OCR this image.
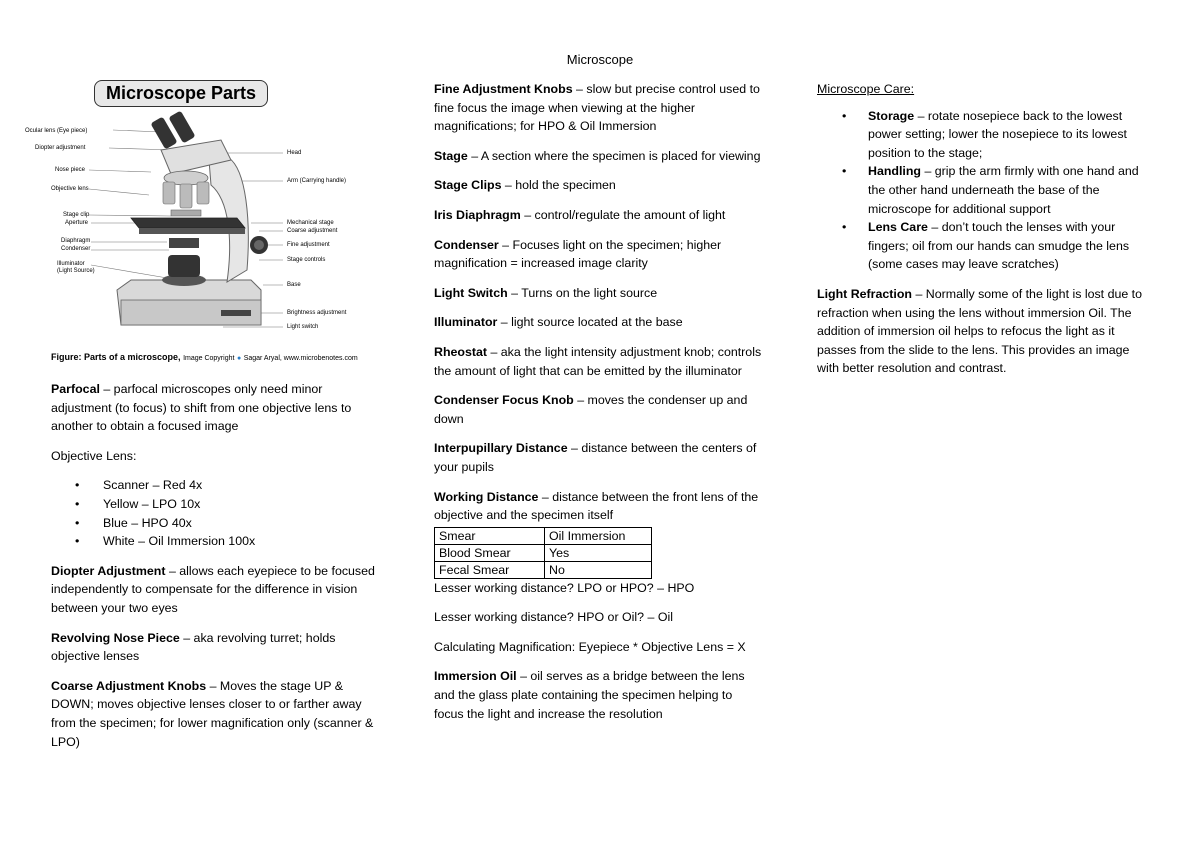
Microscope
Microscope Parts
Ocular lens (Eye piece)
Diopter adjustment
Nose piece
Objective lens
Stage clip
Aperture
Diaphragm
Condenser
Illuminator
(Light Source)
Head
Arm (Carrying handle)
Mechanical stage
Coarse adjustment
Fine adjustment
Stage controls
Base
Brightness adjustment
Light switch
Figure: Parts of a microscope, Image Copyright ● Sagar Aryal, www.microbenotes.com

Parfocal – parfocal microscopes only need minor adjustment (to focus) to shift from one objective lens to another to obtain a focused image

Objective Lens:

• Scanner – Red 4x
• Yellow – LPO 10x
• Blue – HPO 40x
• White – Oil Immersion 100x

Diopter Adjustment – allows each eyepiece to be focused independently to compensate for the difference in vision between your two eyes

Revolving Nose Piece – aka revolving turret; holds objective lenses

Coarse Adjustment Knobs – Moves the stage UP & DOWN; moves objective lenses closer to or farther away from the specimen; for lower magnification only (scanner & LPO)

Fine Adjustment Knobs – slow but precise control used to fine focus the image when viewing at the higher magnifications; for HPO & Oil Immersion

Stage – A section where the specimen is placed for viewing

Stage Clips – hold the specimen

Iris Diaphragm – control/regulate the amount of light

Condenser – Focuses light on the specimen; higher magnification = increased image clarity

Light Switch – Turns on the light source

Illuminator – light source located at the base

Rheostat – aka the light intensity adjustment knob; controls the amount of light that can be emitted by the illuminator

Condenser Focus Knob – moves the condenser up and down

Interpupillary Distance – distance between the centers of your pupils

Working Distance – distance between the front lens of the objective and the specimen itself

Smear	Oil Immersion
Blood Smear	Yes
Fecal Smear	No

Lesser working distance? LPO or HPO? – HPO

Lesser working distance? HPO or Oil? – Oil

Calculating Magnification: Eyepiece * Objective Lens = X

Immersion Oil – oil serves as a bridge between the lens and the glass plate containing the specimen helping to focus the light and increase the resolution

Microscope Care:

• Storage – rotate nosepiece back to the lowest power setting; lower the nosepiece to its lowest position to the stage;
• Handling – grip the arm firmly with one hand and the other hand underneath the base of the microscope for additional support
• Lens Care – don’t touch the lenses with your fingers; oil from our hands can smudge the lens (some cases may leave scratches)

Light Refraction – Normally some of the light is lost due to refraction when using the lens without immersion Oil. The addition of immersion oil helps to refocus the light as it passes from the slide to the lens. This provides an image with better resolution and contrast.
